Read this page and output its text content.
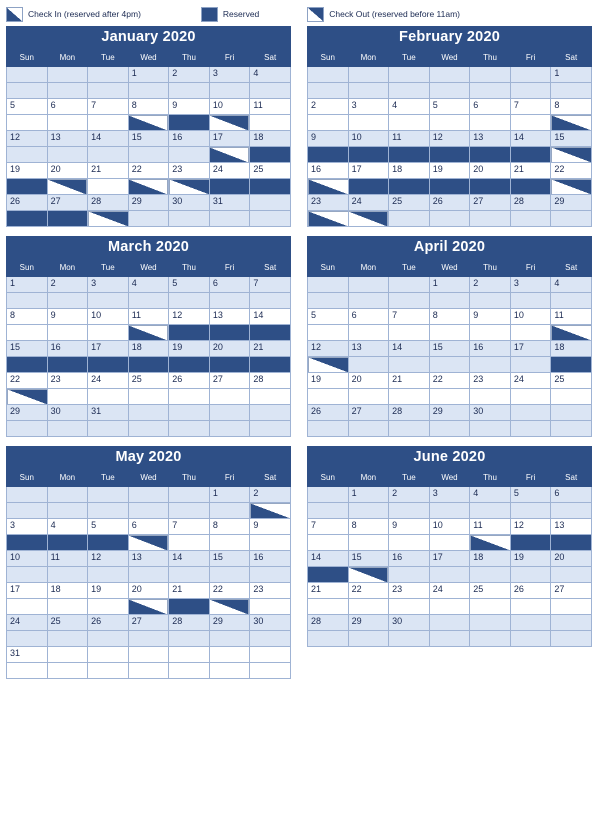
Check In (reserved after 4pm)	Reserved	Check Out (reserved before 11am)
January 2020
Sun	Mon	Tue	Wed	Thu	Fri	Sat
			1	2	3	4

5	6	7	8	9	10	11

12	13	14	15	16	17	18

19	20	21	22	23	24	25

26	27	28	29	30	31	

February 2020
Sun	Mon	Tue	Wed	Thu	Fri	Sat
						1

2	3	4	5	6	7	8

9	10	11	12	13	14	15

16	17	18	19	20	21	22

23	24	25	26	27	28	29

March 2020
Sun	Mon	Tue	Wed	Thu	Fri	Sat
1	2	3	4	5	6	7

8	9	10	11	12	13	14

15	16	17	18	19	20	21

22	23	24	25	26	27	28

29	30	31				

April 2020
Sun	Mon	Tue	Wed	Thu	Fri	Sat
			1	2	3	4

5	6	7	8	9	10	11

12	13	14	15	16	17	18

19	20	21	22	23	24	25

26	27	28	29	30		

May 2020
Sun	Mon	Tue	Wed	Thu	Fri	Sat
					1	2

3	4	5	6	7	8	9

10	11	12	13	14	15	16

17	18	19	20	21	22	23

24	25	26	27	28	29	30

31						

June 2020
Sun	Mon	Tue	Wed	Thu	Fri	Sat
	1	2	3	4	5	6

7	8	9	10	11	12	13

14	15	16	17	18	19	20

21	22	23	24	25	26	27

28	29	30				
